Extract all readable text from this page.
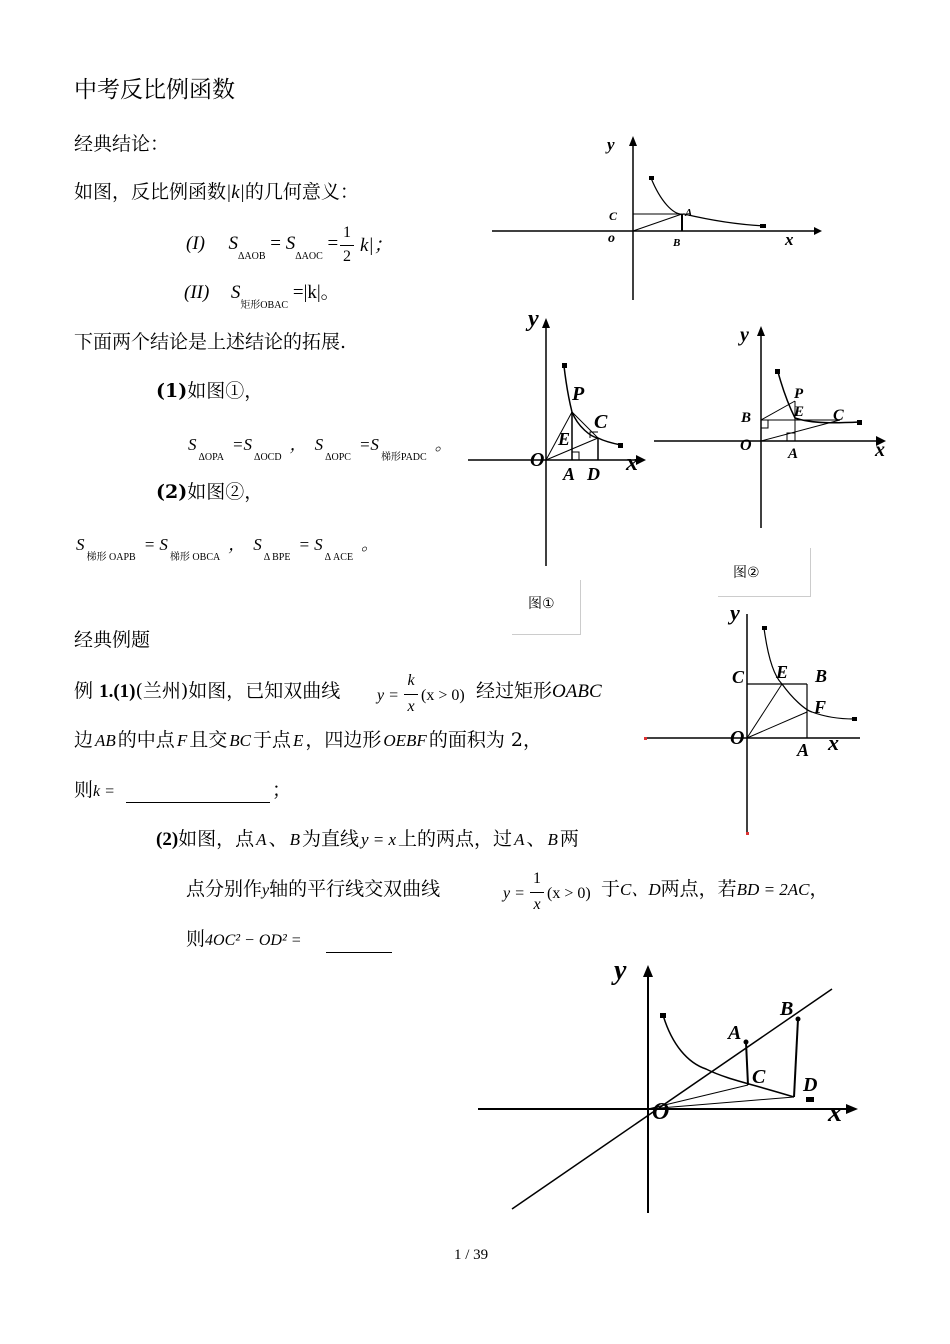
中考反比例函数
经典结论：
如图，反比例函数|k|的几何意义：
(I) $S_{\Delta AOB} = S_{\Delta AOC}$ =
1
2
k|；
(II) $S_{矩形OBAC} =|k|$。
下面两个结论是上述结论的拓展.
(1)如图①，
$S_{\Delta OPA}=S_{\Delta OCD}$， $S_{\Delta OPC}=S_{梯形PADC}$。
(2)如图②，
$S_{梯形 OAPB}= S_{梯形 OBCA}$， $S_{\Delta BPE}= S_{\Delta ACE}$。
y
x
o
A
B
C
y
x
O
P
C
E
A D
图①
y
x
O
P
E
B	C
A
图②
经典例题
例 1.(1)(兰州)如图，已知双曲线 y =
k
x
(x > 0) 经过矩形OABC
边 AB 的中点 F 且交 BC 于点 E ，四边形 OEBF 的面积为 2，
则k =	；
y
x
O
C E B
F
A
(2)如图，点 A 、 B 为直线 y = x 上的两点，过 A 、 B 两
点分别作y轴的平行线交双曲线	y =
1
x
(x > 0) 于C、D两点，若BD = 2AC，
则4OC² − OD² =
y
x
O
A
B
C D
1 / 39
